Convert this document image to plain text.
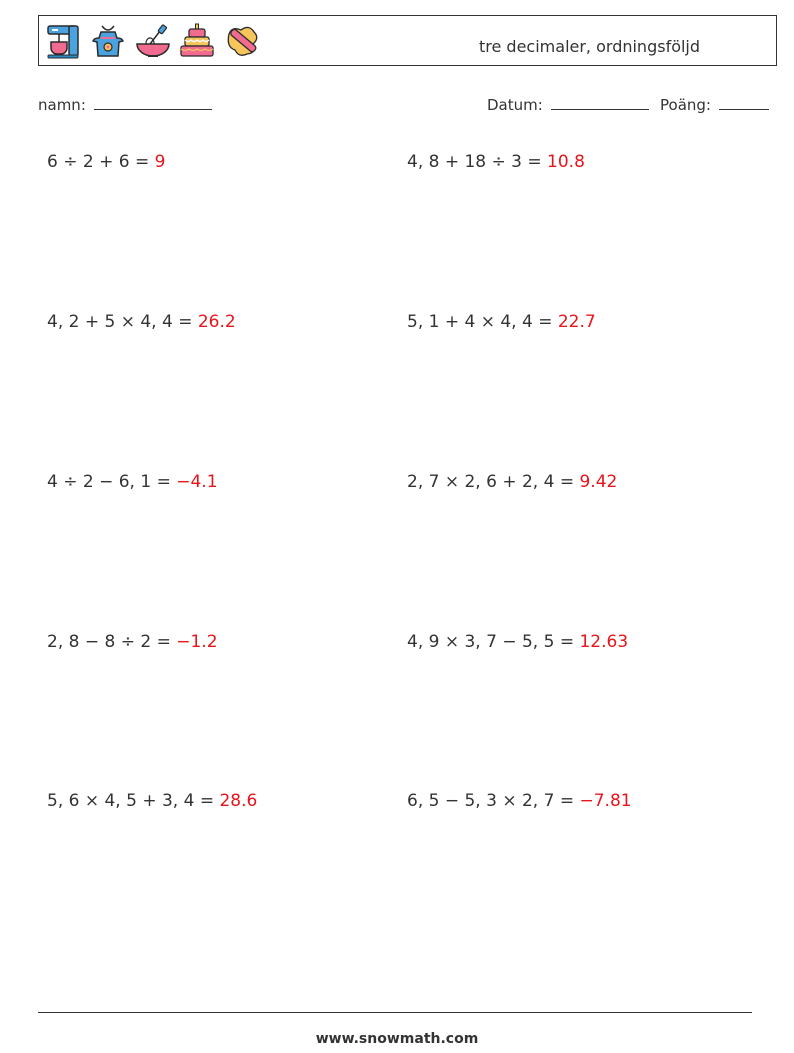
tre decimaler, ordningsföljd
namn:	Datum:	Poäng:
6 ÷ 2 + 6 = 9	4, 8 + 18 ÷ 3 = 10.8
4, 2 + 5 × 4, 4 = 26.2	5, 1 + 4 × 4, 4 = 22.7
4 ÷ 2 − 6, 1 = −4.1	2, 7 × 2, 6 + 2, 4 = 9.42
2, 8 − 8 ÷ 2 = −1.2	4, 9 × 3, 7 − 5, 5 = 12.63
5, 6 × 4, 5 + 3, 4 = 28.6	6, 5 − 5, 3 × 2, 7 = −7.81
www.snowmath.com
